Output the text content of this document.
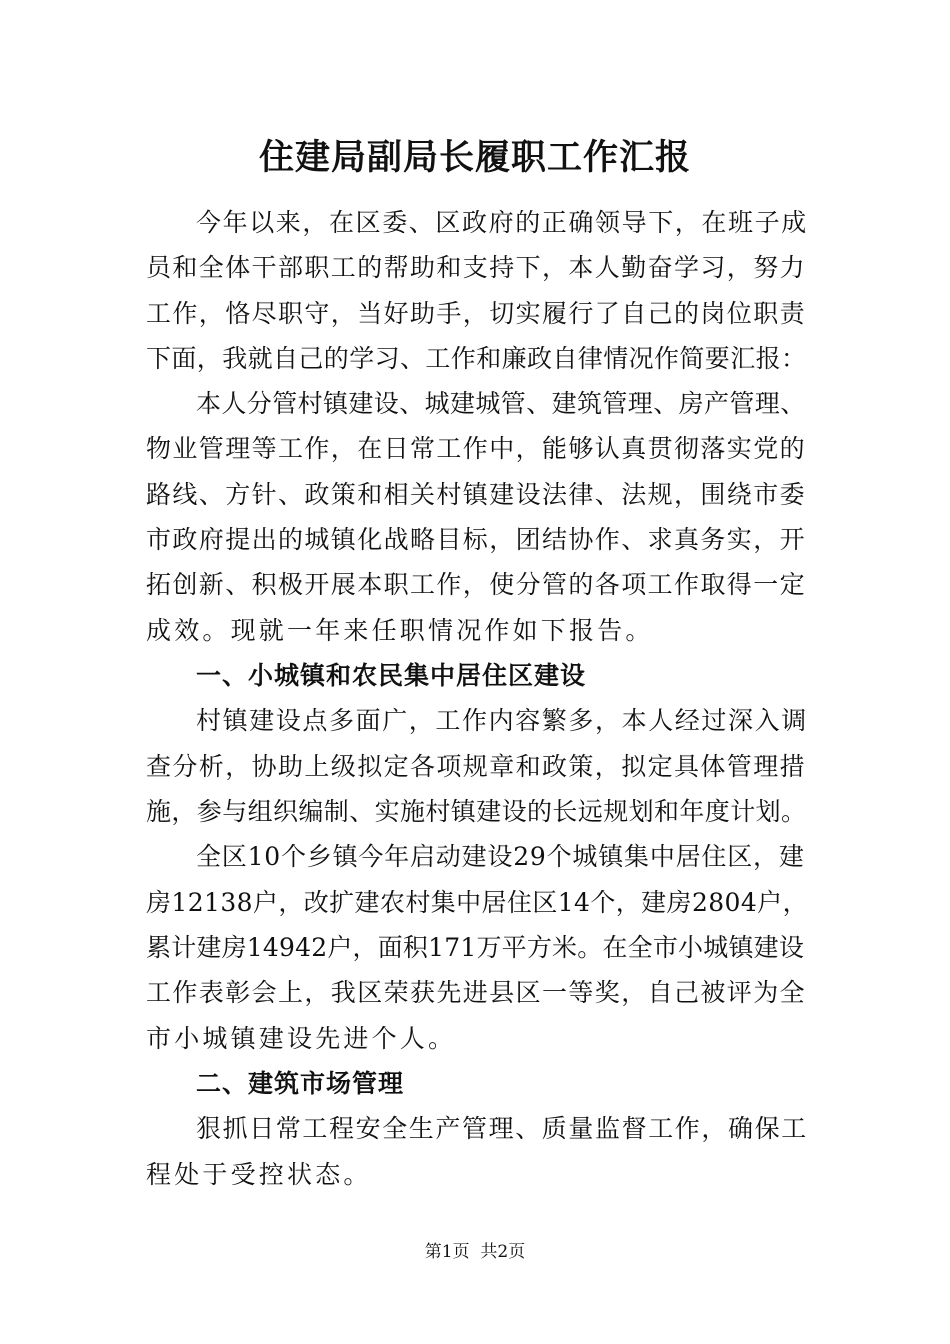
住建局副局长履职工作汇报
今年以来，在区委、区政府的正确领导下，在班子成
员和全体干部职工的帮助和支持下，本人勤奋学习，努力
工作，恪尽职守，当好助手，切实履行了自己的岗位职责
下面，我就自己的学习、工作和廉政自律情况作简要汇报：
本人分管村镇建设、城建城管、建筑管理、房产管理、
物业管理等工作，在日常工作中，能够认真贯彻落实党的
路线、方针、政策和相关村镇建设法律、法规，围绕市委
市政府提出的城镇化战略目标，团结协作、求真务实，开
拓创新、积极开展本职工作，使分管的各项工作取得一定
成效。现就一年来任职情况作如下报告。
一、小城镇和农民集中居住区建设
村镇建设点多面广，工作内容繁多，本人经过深入调
查分析，协助上级拟定各项规章和政策，拟定具体管理措
施，参与组织编制、实施村镇建设的长远规划和年度计划。
全区10个乡镇今年启动建设29个城镇集中居住区，建
房12138户，改扩建农村集中居住区14个，建房2804户，
累计建房14942户，面积171万平方米。在全市小城镇建设
工作表彰会上，我区荣获先进县区一等奖，自己被评为全
市小城镇建设先进个人。
二、建筑市场管理
狠抓日常工程安全生产管理、质量监督工作，确保工
程处于受控状态。
第1页  共2页
